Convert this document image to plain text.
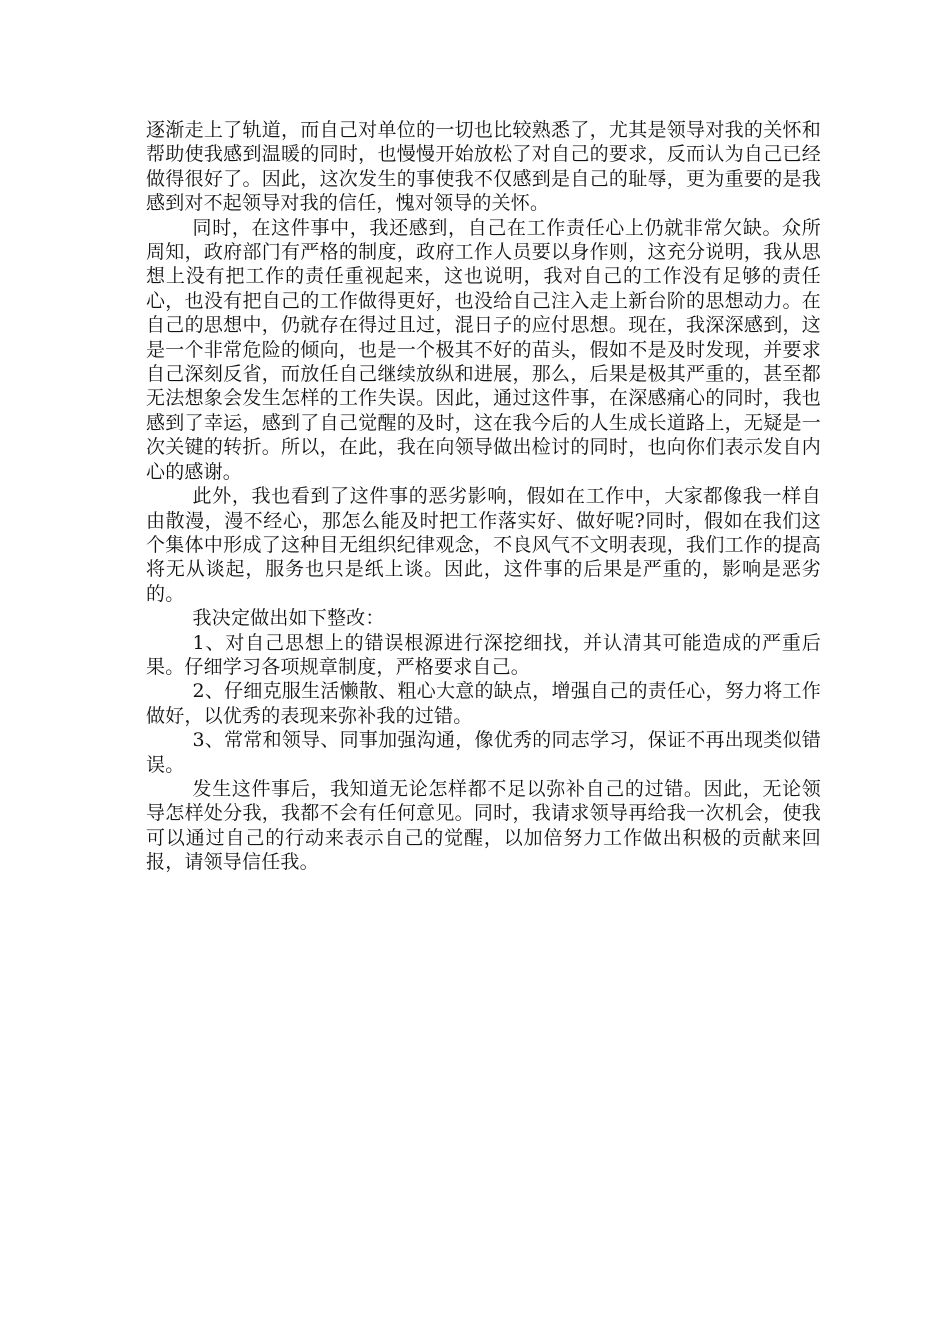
逐渐走上了轨道，而自己对单位的一切也比较熟悉了，尤其是领导对我的关怀和帮助使我感到温暖的同时，也慢慢开始放松了对自己的要求，反而认为自己已经做得很好了。因此，这次发生的事使我不仅感到是自己的耻辱，更为重要的是我感到对不起领导对我的信任，愧对领导的关怀。

同时，在这件事中，我还感到，自己在工作责任心上仍就非常欠缺。众所周知，政府部门有严格的制度，政府工作人员要以身作则，这充分说明，我从思想上没有把工作的责任重视起来，这也说明，我对自己的工作没有足够的责任心，也没有把自己的工作做得更好，也没给自己注入走上新台阶的思想动力。在自己的思想中，仍就存在得过且过，混日子的应付思想。现在，我深深感到，这是一个非常危险的倾向，也是一个极其不好的苗头，假如不是及时发现，并要求自己深刻反省，而放任自己继续放纵和进展，那么，后果是极其严重的，甚至都无法想象会发生怎样的工作失误。因此，通过这件事，在深感痛心的同时，我也感到了幸运，感到了自己觉醒的及时，这在我今后的人生成长道路上，无疑是一次关键的转折。所以，在此，我在向领导做出检讨的同时，也向你们表示发自内心的感谢。

此外，我也看到了这件事的恶劣影响，假如在工作中，大家都像我一样自由散漫，漫不经心，那怎么能及时把工作落实好、做好呢?同时，假如在我们这个集体中形成了这种目无组织纪律观念，不良风气不文明表现，我们工作的提高将无从谈起，服务也只是纸上谈。因此，这件事的后果是严重的，影响是恶劣的。

我决定做出如下整改：

1、对自己思想上的错误根源进行深挖细找，并认清其可能造成的严重后果。仔细学习各项规章制度，严格要求自己。

2、仔细克服生活懒散、粗心大意的缺点，增强自己的责任心，努力将工作做好，以优秀的表现来弥补我的过错。

3、常常和领导、同事加强沟通，像优秀的同志学习，保证不再出现类似错误。

发生这件事后，我知道无论怎样都不足以弥补自己的过错。因此，无论领导怎样处分我，我都不会有任何意见。同时，我请求领导再给我一次机会，使我可以通过自己的行动来表示自己的觉醒，以加倍努力工作做出积极的贡献来回报，请领导信任我。
